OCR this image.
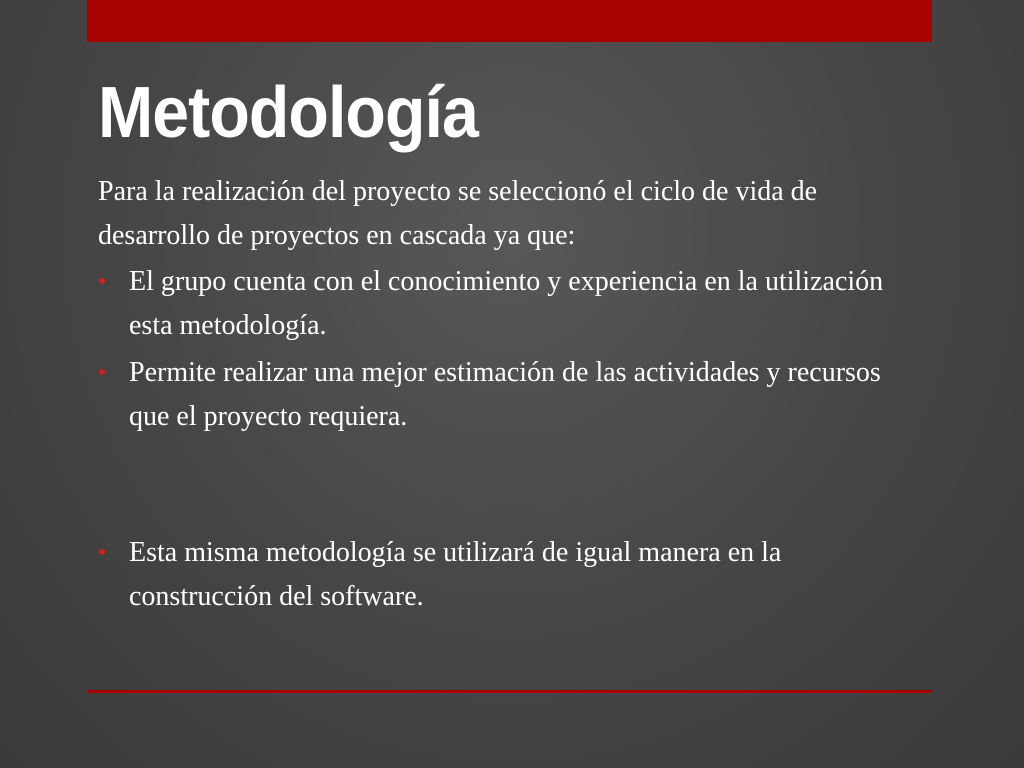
Metodología

Para la realización del proyecto se seleccionó el ciclo de vida de desarrollo de proyectos en cascada ya que:

• El grupo cuenta con el conocimiento y experiencia en la utilización esta metodología.
• Permite realizar una mejor estimación de las actividades y recursos que el proyecto requiera.
• Esta misma metodología se utilizará de igual manera en la construcción del software.
